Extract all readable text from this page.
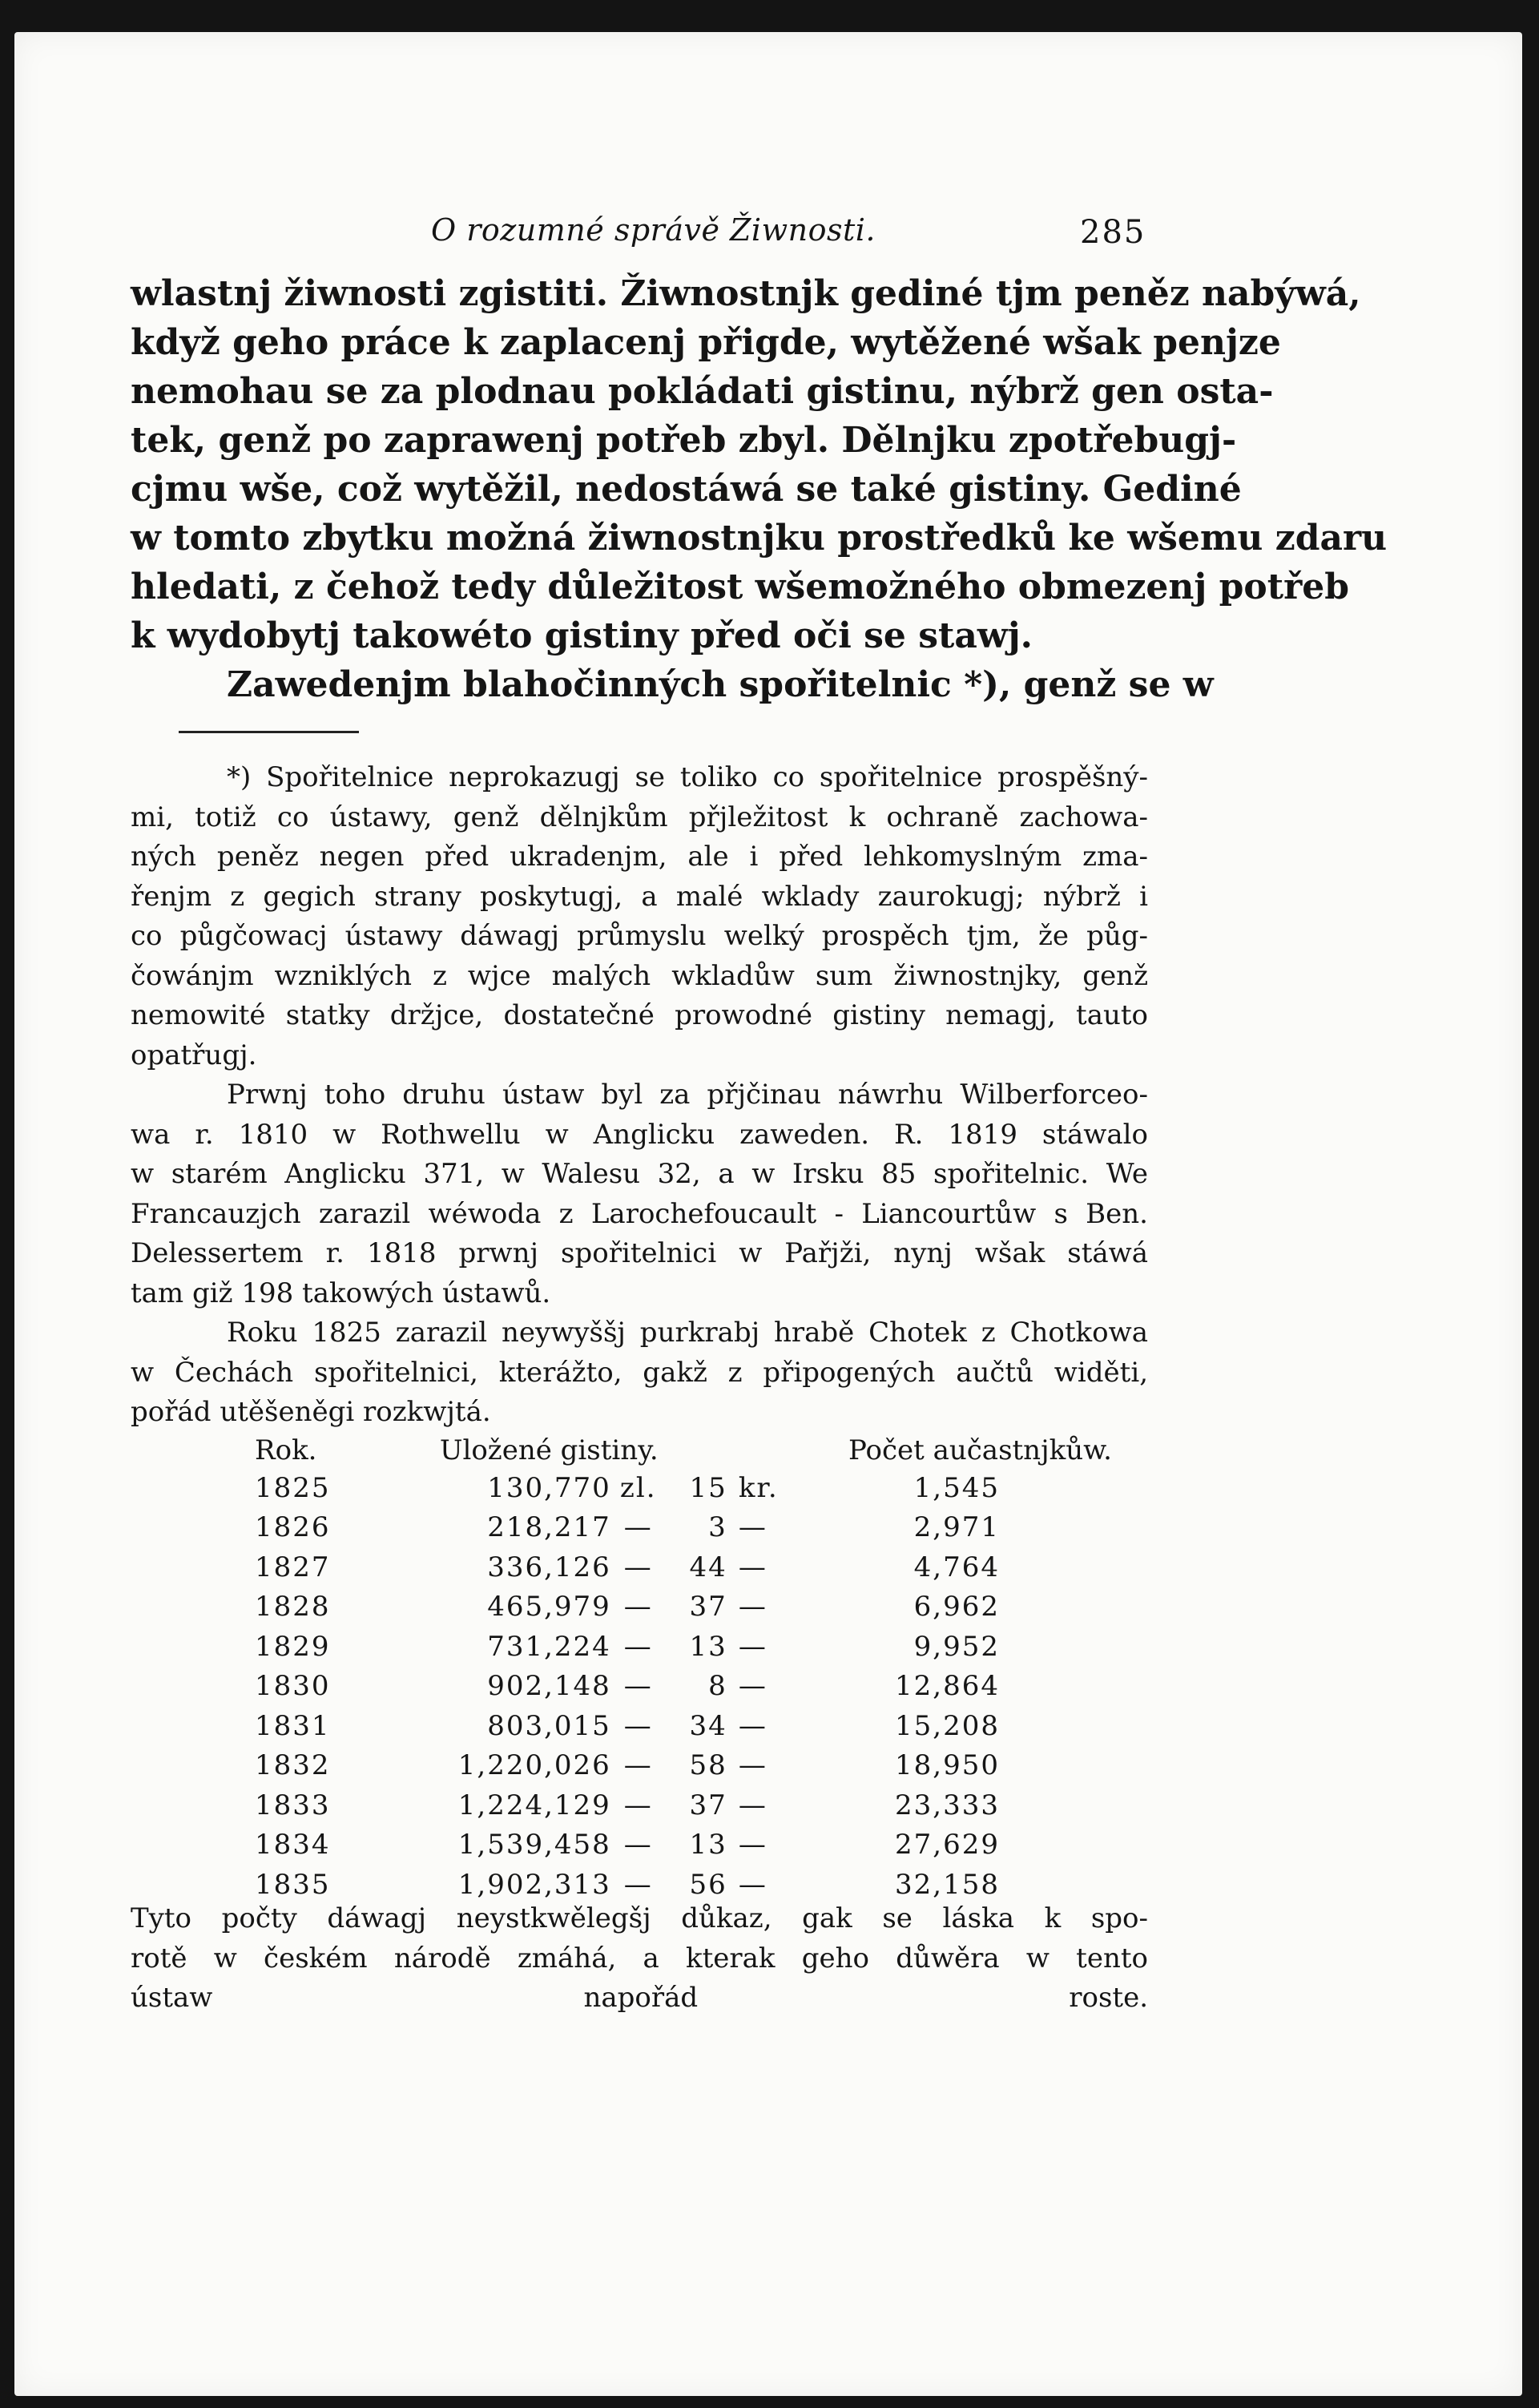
O rozumné správě Žiwnosti.	285
wlastnj žiwnosti zgistiti. Žiwnostnjk gediné tjm peněz nabýwá,
když geho práce k zaplacenj přigde, wytěžené wšak penjze
nemohau se za plodnau pokládati gistinu, nýbrž gen osta-
tek, genž po zaprawenj potřeb zbyl. Dělnjku zpotřebugj-
cjmu wše, což wytěžil, nedostáwá se také gistiny. Gediné
w tomto zbytku možná žiwnostnjku prostředků ke wšemu zdaru
hledati, z čehož tedy důležitost wšemožného obmezenj potřeb
k wydobytj takowéto gistiny před oči se stawj.
Zawedenjm blahočinných spořitelnic *), genž se w
*) Spořitelnice neprokazugj se toliko co spořitelnice prospěšný-
mi, totiž co ústawy, genž dělnjkům přjležitost k ochraně zachowa-
ných peněz negen před ukradenjm, ale i před lehkomyslným zma-
řenjm z gegich strany poskytugj, a malé wklady zaurokugj; nýbrž i
co půgčowacj ústawy dáwagj průmyslu welký prospěch tjm, že půg-
čowánjm wzniklých z wjce malých wkladůw sum žiwnostnjky, genž
nemowité statky držjce, dostatečné prowodné gistiny nemagj, tauto
opatřugj.
Prwnj toho druhu ústaw byl za přjčinau náwrhu Wilberforceo-
wa r. 1810 w Rothwellu w Anglicku zaweden. R. 1819 stáwalo
w starém Anglicku 371, w Walesu 32, a w Irsku 85 spořitelnic. We
Francauzjch zarazil wéwoda z Larochefoucault - Liancourtůw s Ben.
Delessertem r. 1818 prwnj spořitelnici w Pařjži, nynj wšak stáwá
tam giž 198 takowých ústawů.
Roku 1825 zarazil neywyššj purkrabj hrabě Chotek z Chotkowa
w Čechách spořitelnici, kterážto, gakž z připogených aučtů widěti,
pořád utěšeněgi rozkwjtá.
Rok.	Uložené gistiny.				Počet aučastnjkůw.
1825	130,770	zl.	15	kr.	1,545
1826	218,217	—	3	—	2,971
1827	336,126	—	44	—	4,764
1828	465,979	—	37	—	6,962
1829	731,224	—	13	—	9,952
1830	902,148	—	8	—	12,864
1831	803,015	—	34	—	15,208
1832	1,220,026	—	58	—	18,950
1833	1,224,129	—	37	—	23,333
1834	1,539,458	—	13	—	27,629
1835	1,902,313	—	56	—	32,158
Tyto počty dáwagj neystkwělegšj důkaz, gak se láska k spo-
rotě w českém národě zmáhá, a kterak geho důwěra w tento
ústaw napořád roste.
